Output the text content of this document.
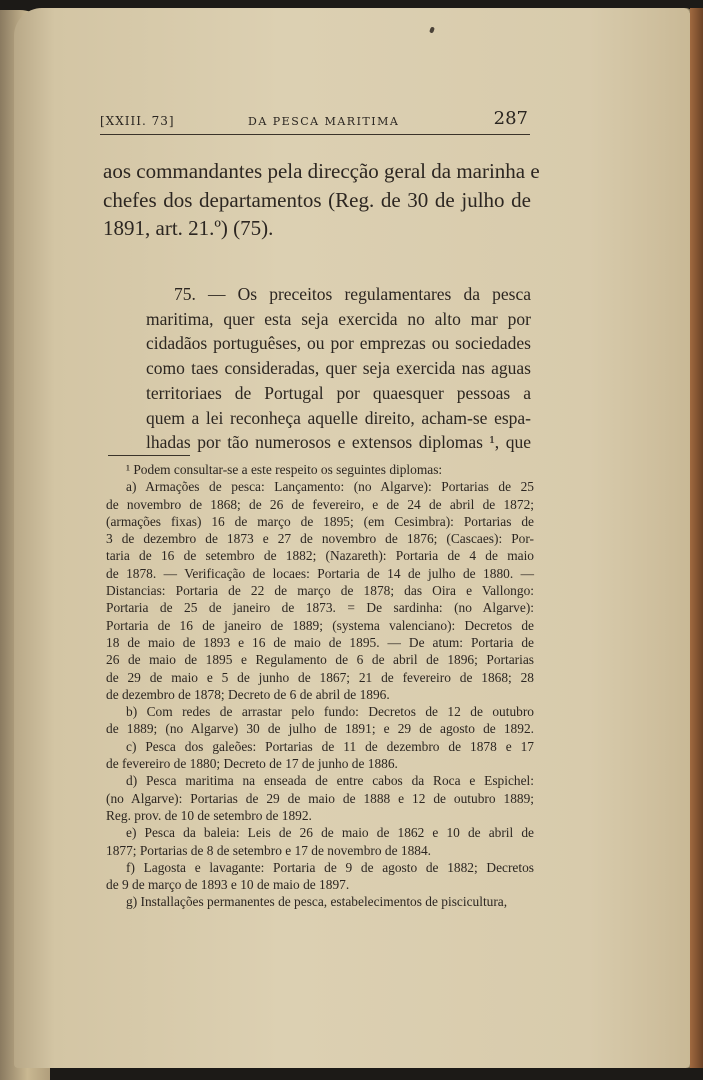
[XXIII. 73]	DA PESCA MARITIMA	287
aos commandantes pela direcção geral da marinha e
chefes dos departamentos (Reg. de 30 de julho de
1891, art. 21.º) (75).
75. — Os preceitos regulamentares da pesca
maritima, quer esta seja exercida no alto mar por
cidadãos portuguêses, ou por emprezas ou sociedades
como taes consideradas, quer seja exercida nas aguas
territoriaes de Portugal por quaesquer pessoas a
quem a lei reconheça aquelle direito, acham-se espa-
lhadas por tão numerosos e extensos diplomas ¹, que
¹ Podem consultar-se a este respeito os seguintes diplomas:
a) Armações de pesca: Lançamento: (no Algarve): Portarias de 25
de novembro de 1868; de 26 de fevereiro, e de 24 de abril de 1872;
(armações fixas) 16 de março de 1895; (em Cesimbra): Portarias de
3 de dezembro de 1873 e 27 de novembro de 1876; (Cascaes): Por-
taria de 16 de setembro de 1882; (Nazareth): Portaria de 4 de maio
de 1878. — Verificação de locaes: Portaria de 14 de julho de 1880. —
Distancias: Portaria de 22 de março de 1878; das Oira e Vallongo:
Portaria de 25 de janeiro de 1873. = De sardinha: (no Algarve):
Portaria de 16 de janeiro de 1889; (systema valenciano): Decretos de
18 de maio de 1893 e 16 de maio de 1895. — De atum: Portaria de
26 de maio de 1895 e Regulamento de 6 de abril de 1896; Portarias
de 29 de maio e 5 de junho de 1867; 21 de fevereiro de 1868; 28
de dezembro de 1878; Decreto de 6 de abril de 1896.
b) Com redes de arrastar pelo fundo: Decretos de 12 de outubro
de 1889; (no Algarve) 30 de julho de 1891; e 29 de agosto de 1892.
c) Pesca dos galeões: Portarias de 11 de dezembro de 1878 e 17
de fevereiro de 1880; Decreto de 17 de junho de 1886.
d) Pesca maritima na enseada de entre cabos da Roca e Espichel:
(no Algarve): Portarias de 29 de maio de 1888 e 12 de outubro 1889;
Reg. prov. de 10 de setembro de 1892.
e) Pesca da baleia: Leis de 26 de maio de 1862 e 10 de abril de
1877; Portarias de 8 de setembro e 17 de novembro de 1884.
f) Lagosta e lavagante: Portaria de 9 de agosto de 1882; Decretos
de 9 de março de 1893 e 10 de maio de 1897.
g) Installações permanentes de pesca, estabelecimentos de piscicultura,
